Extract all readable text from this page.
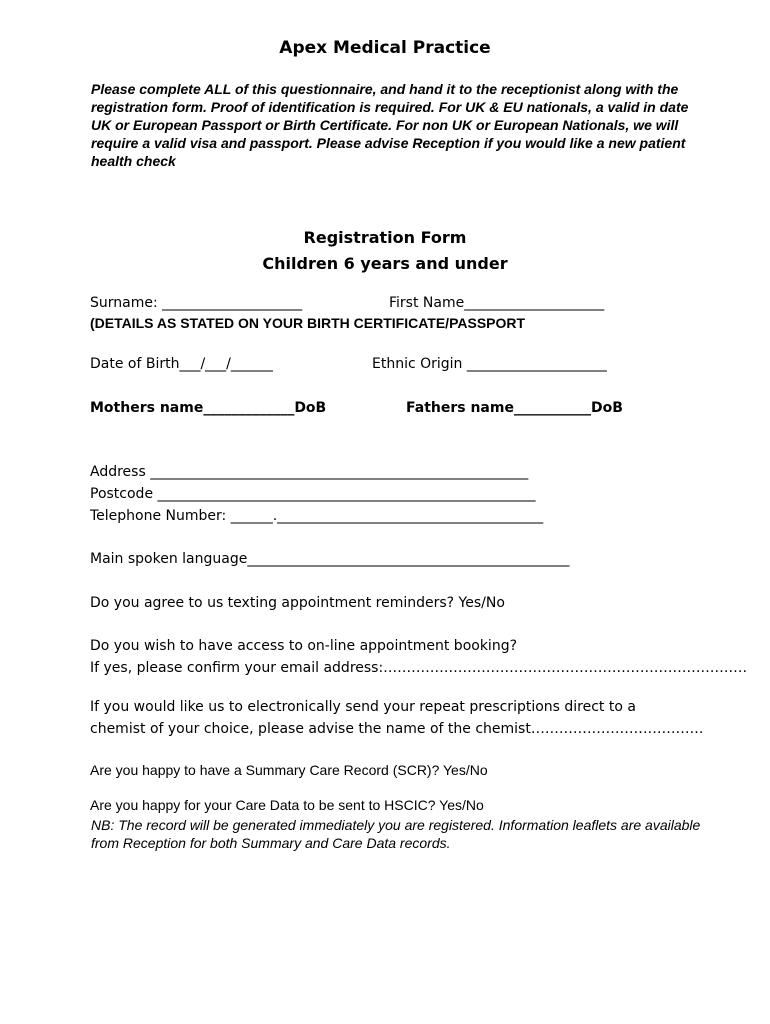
Apex Medical Practice
Please complete ALL of this questionnaire, and hand it to the receptionist along with the registration form. Proof of identification is required. For UK & EU nationals, a valid in date UK or European Passport or Birth Certificate. For non UK or European Nationals, we will require a valid visa and passport. Please advise Reception if you would like a new patient health check
Registration Form
Children 6 years and under
Surname: ____________________	First Name____________________
(DETAILS AS STATED ON YOUR BIRTH CERTIFICATE/PASSPORT
Date of Birth___/___/______	Ethnic Origin ____________________
Mothers name_____________DoB	Fathers name___________DoB
Address ______________________________________________________
Postcode ______________________________________________________
Telephone Number: ______.______________________________________
Main spoken language______________________________________________
Do you agree to us texting appointment reminders? Yes/No
Do you wish to have access to on-line appointment booking?
If yes, please confirm your email address:……………………………………………………………………
If you would like us to electronically send your repeat prescriptions direct to a
chemist of your choice, please advise the name of the chemist……………………………….
Are you happy to have a Summary Care Record (SCR)? Yes/No
Are you happy for your Care Data to be sent to HSCIC? Yes/No
NB: The record will be generated immediately you are registered. Information leaflets are available from Reception for both Summary and Care Data records.
